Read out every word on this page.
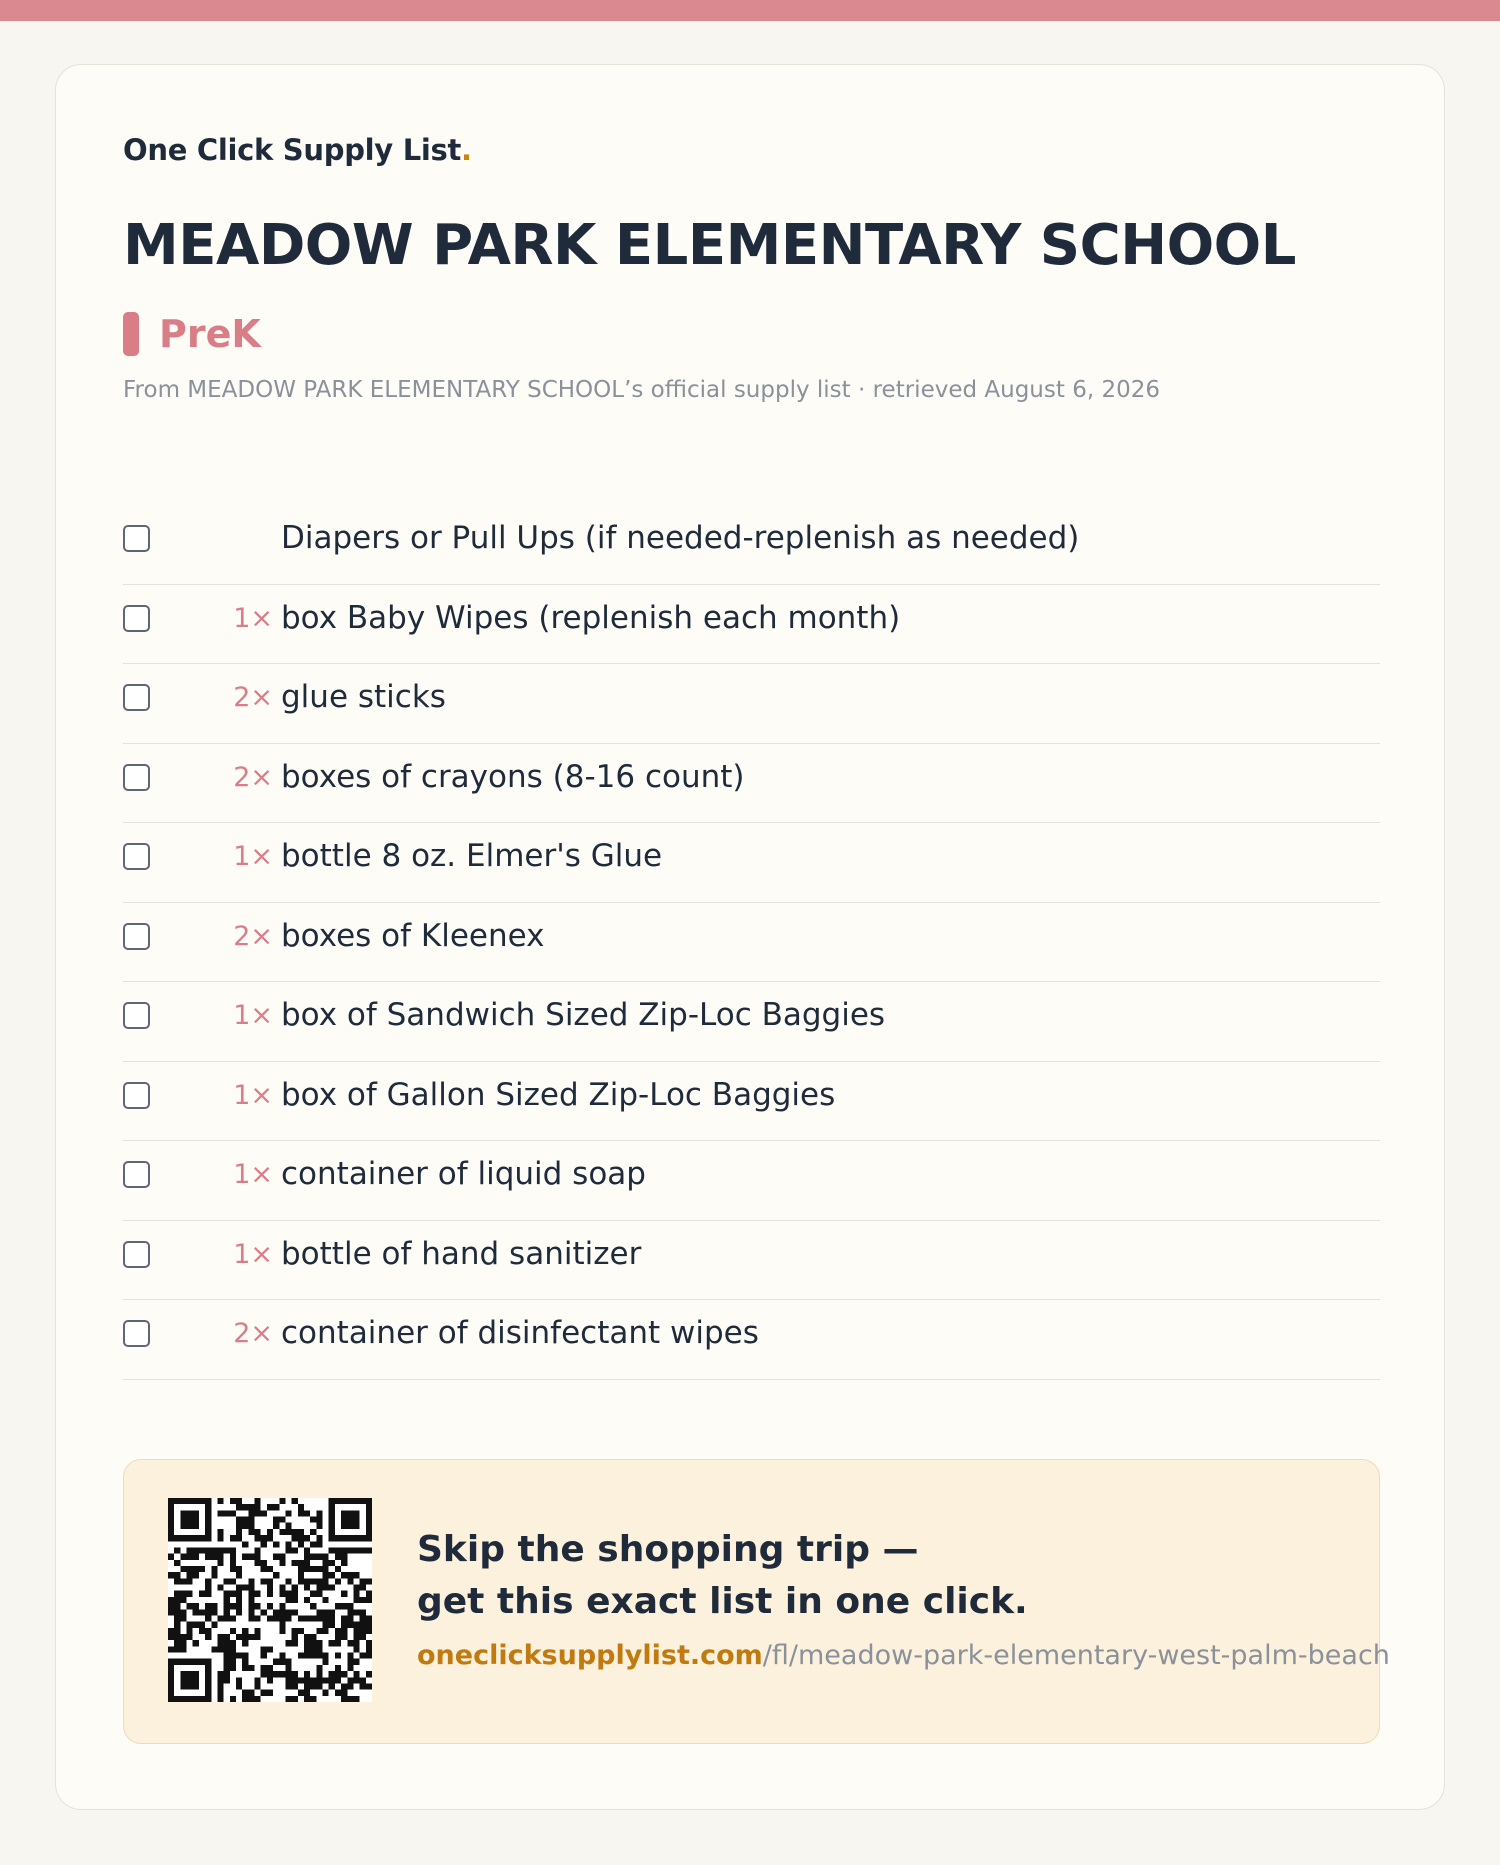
One Click Supply List.
MEADOW PARK ELEMENTARY SCHOOL
PreK
From MEADOW PARK ELEMENTARY SCHOOL’s official supply list · retrieved August 6, 2026
Diapers or Pull Ups (if needed-replenish as needed)
1× box Baby Wipes (replenish each month)
2× glue sticks
2× boxes of crayons (8-16 count)
1× bottle 8 oz. Elmer's Glue
2× boxes of Kleenex
1× box of Sandwich Sized Zip-Loc Baggies
1× box of Gallon Sized Zip-Loc Baggies
1× container of liquid soap
1× bottle of hand sanitizer
2× container of disinfectant wipes
Skip the shopping trip —
get this exact list in one click.
oneclicksupplylist.com/fl/meadow-park-elementary-west-palm-beach
